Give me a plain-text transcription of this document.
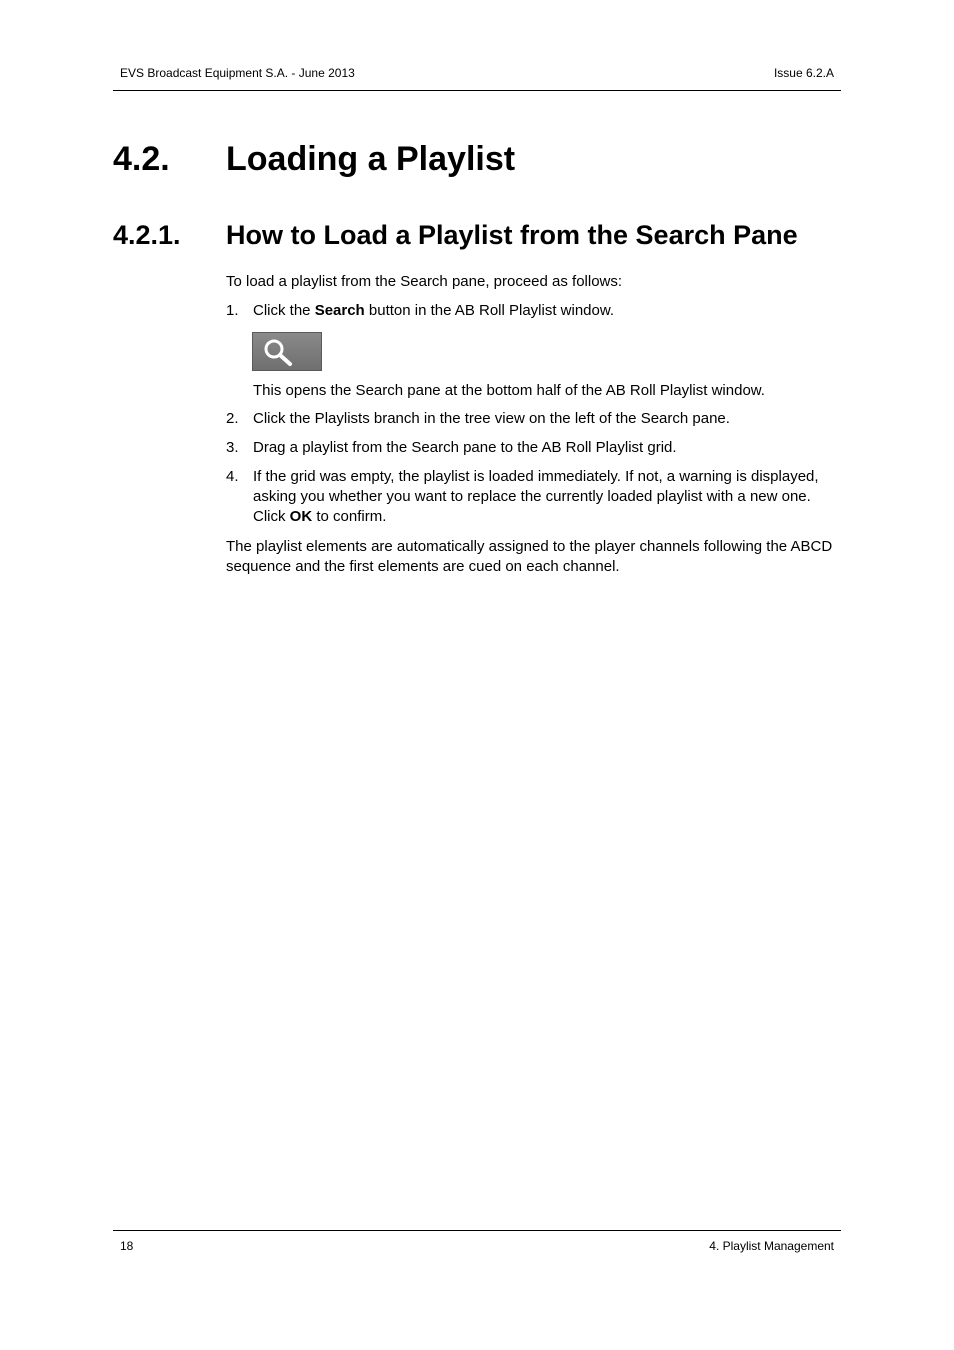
EVS Broadcast Equipment S.A. - June 2013	Issue 6.2.A
4.2. Loading a Playlist
4.2.1. How to Load a Playlist from the Search Pane
To load a playlist from the Search pane, proceed as follows:
1. Click the Search button in the AB Roll Playlist window.
This opens the Search pane at the bottom half of the AB Roll Playlist window.
2. Click the Playlists branch in the tree view on the left of the Search pane.
3. Drag a playlist from the Search pane to the AB Roll Playlist grid.
4. If the grid was empty, the playlist is loaded immediately. If not, a warning is displayed, asking you whether you want to replace the currently loaded playlist with a new one. Click OK to confirm.
The playlist elements are automatically assigned to the player channels following the ABCD sequence and the first elements are cued on each channel.
18	4. Playlist Management
